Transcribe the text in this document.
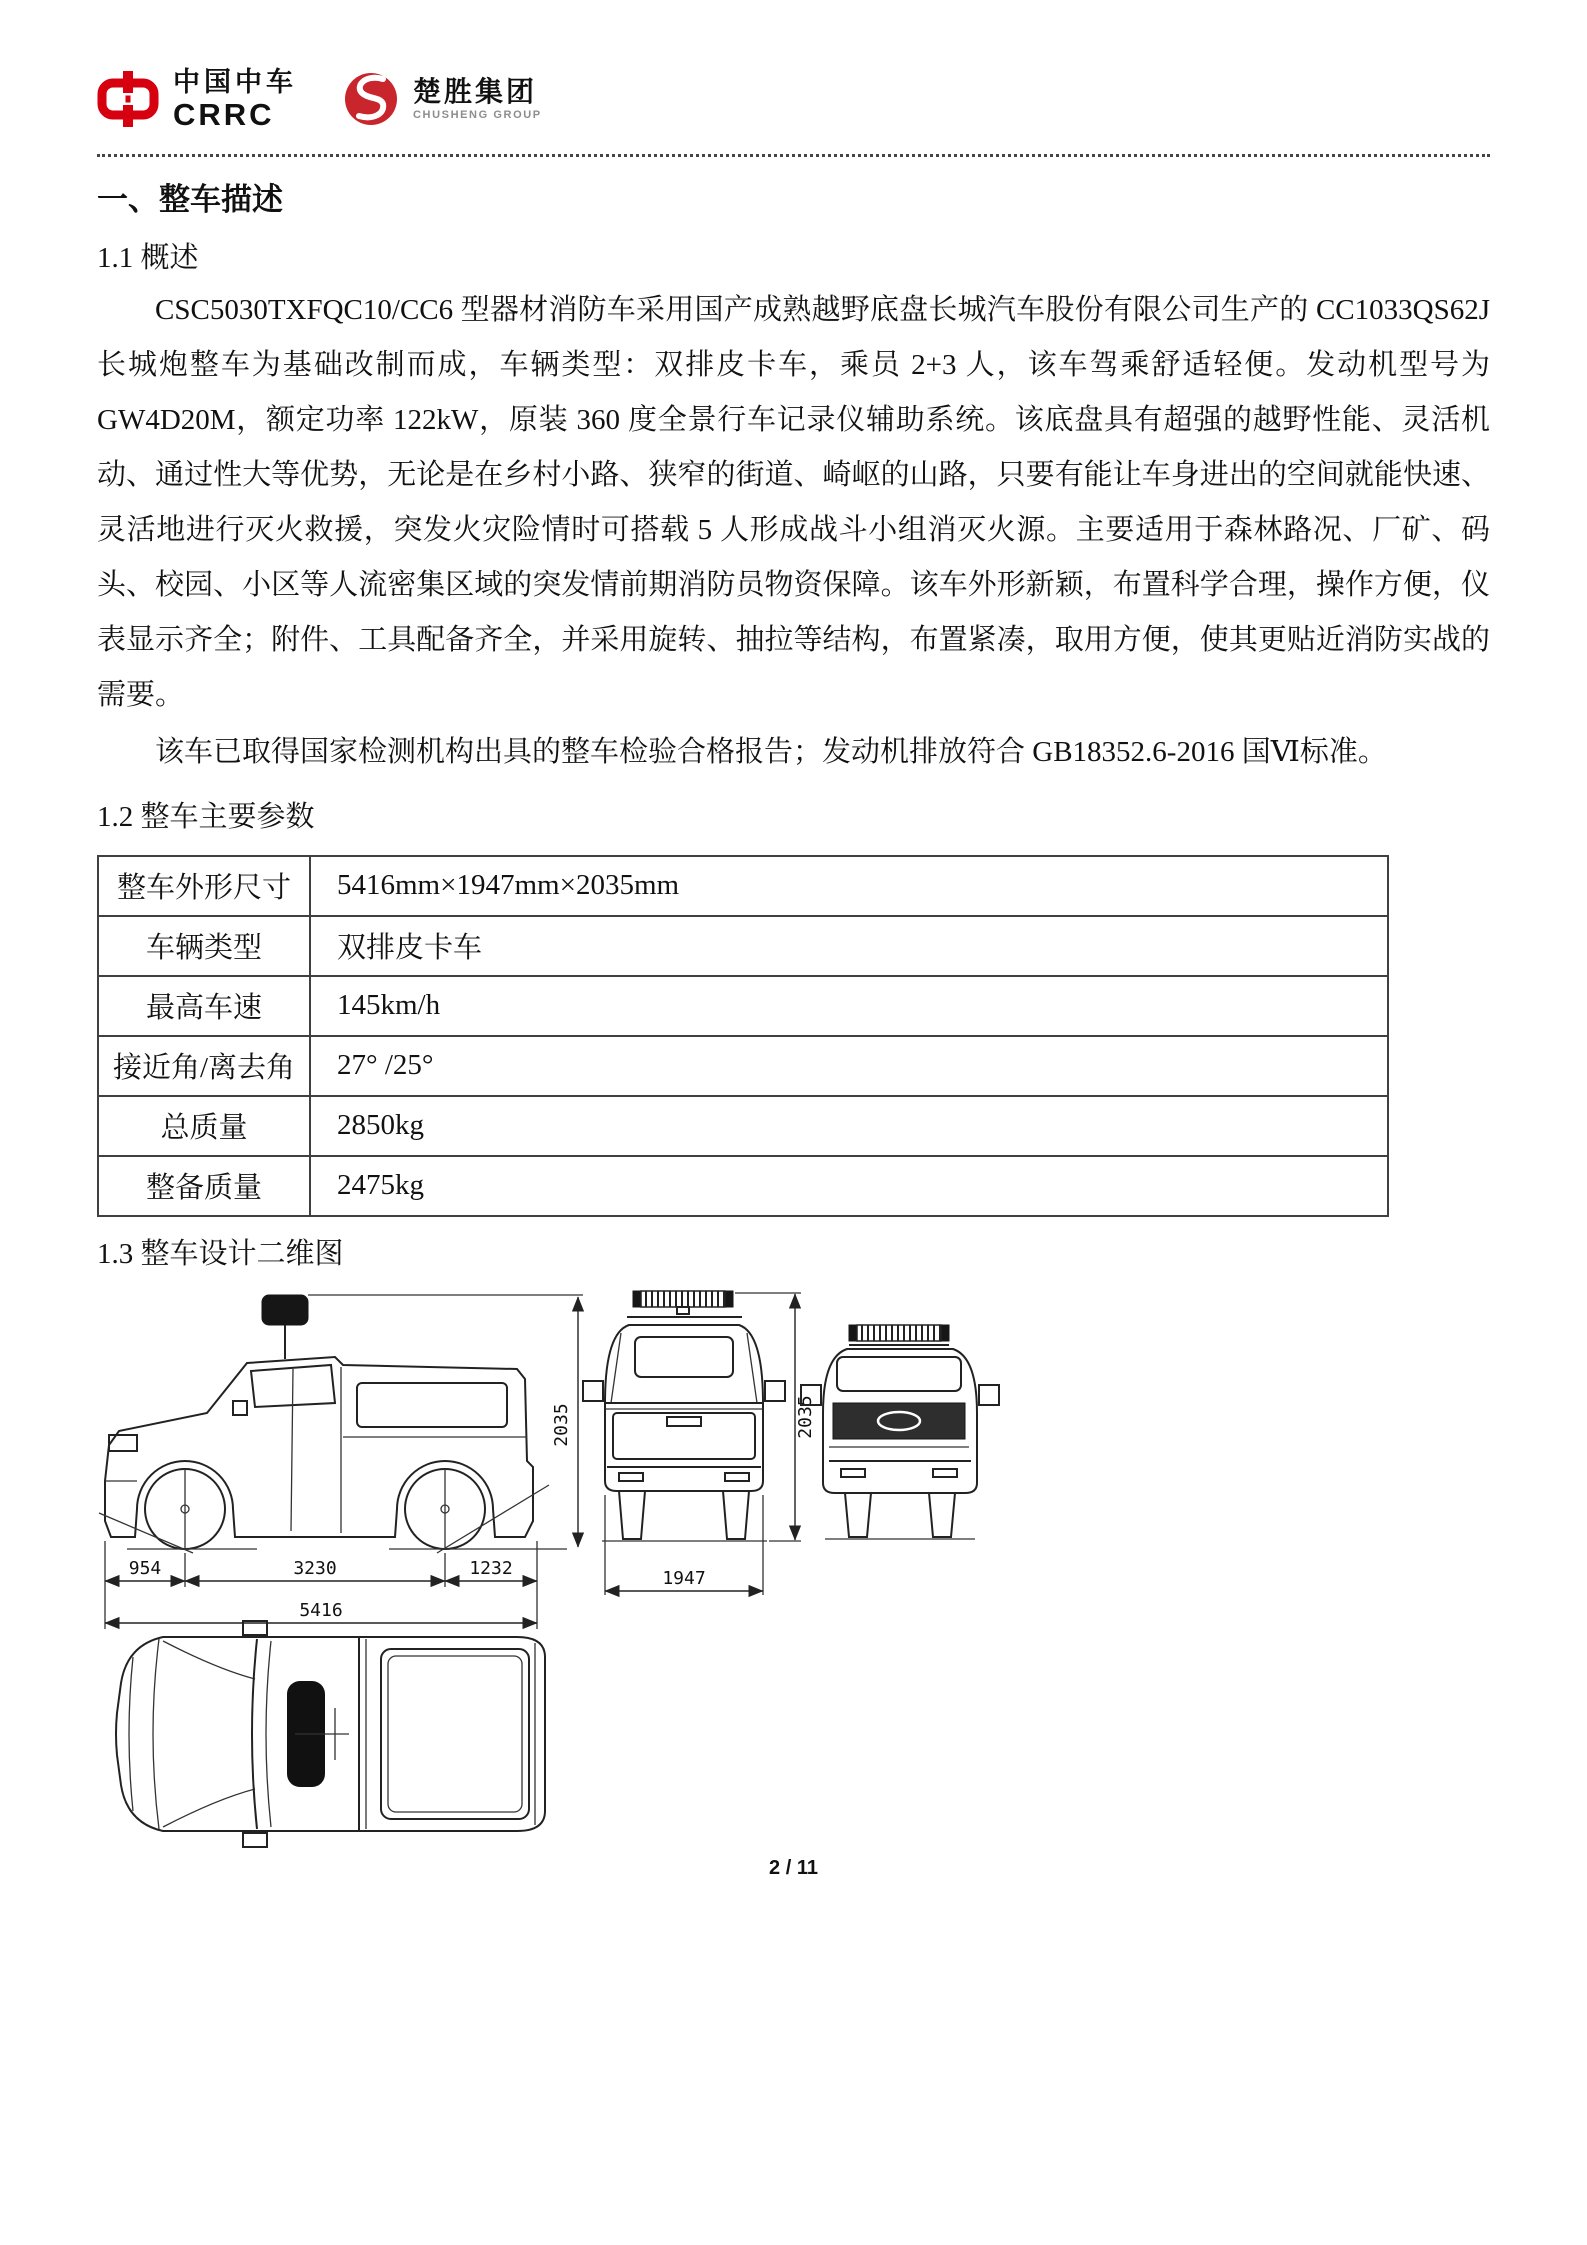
中国中车
CRRC
楚胜集团
CHUSHENG GROUP
一、整车描述
1.1 概述

CSC5030TXFQC10/CC6 型器材消防车采用国产成熟越野底盘长城汽车股份有限公司生产的 CC1033QS62J 长城炮整车为基础改制而成，车辆类型：双排皮卡车，乘员 2+3 人，该车驾乘舒适轻便。发动机型号为 GW4D20M，额定功率 122kW，原装 360 度全景行车记录仪辅助系统。该底盘具有超强的越野性能、灵活机动、通过性大等优势，无论是在乡村小路、狭窄的街道、崎岖的山路，只要有能让车身进出的空间就能快速、灵活地进行灭火救援，突发火灾险情时可搭载 5 人形成战斗小组消灭火源。主要适用于森林路况、厂矿、码头、校园、小区等人流密集区域的突发情前期消防员物资保障。该车外形新颖，布置科学合理，操作方便，仪表显示齐全；附件、工具配备齐全，并采用旋转、抽拉等结构，布置紧凑，取用方便，使其更贴近消防实战的需要。

该车已取得国家检测机构出具的整车检验合格报告；发动机排放符合 GB18352.6-2016 国Ⅵ标准。

1.2 整车主要参数
整车外形尺寸	5416mm×1947mm×2035mm
车辆类型	双排皮卡车
最高车速	145km/h
接近角/离去角	27° /25°
总质量	2850kg
整备质量	2475kg
1.3 整车设计二维图
2035
954	3230	1232
5416
1947
2035
2 / 11
